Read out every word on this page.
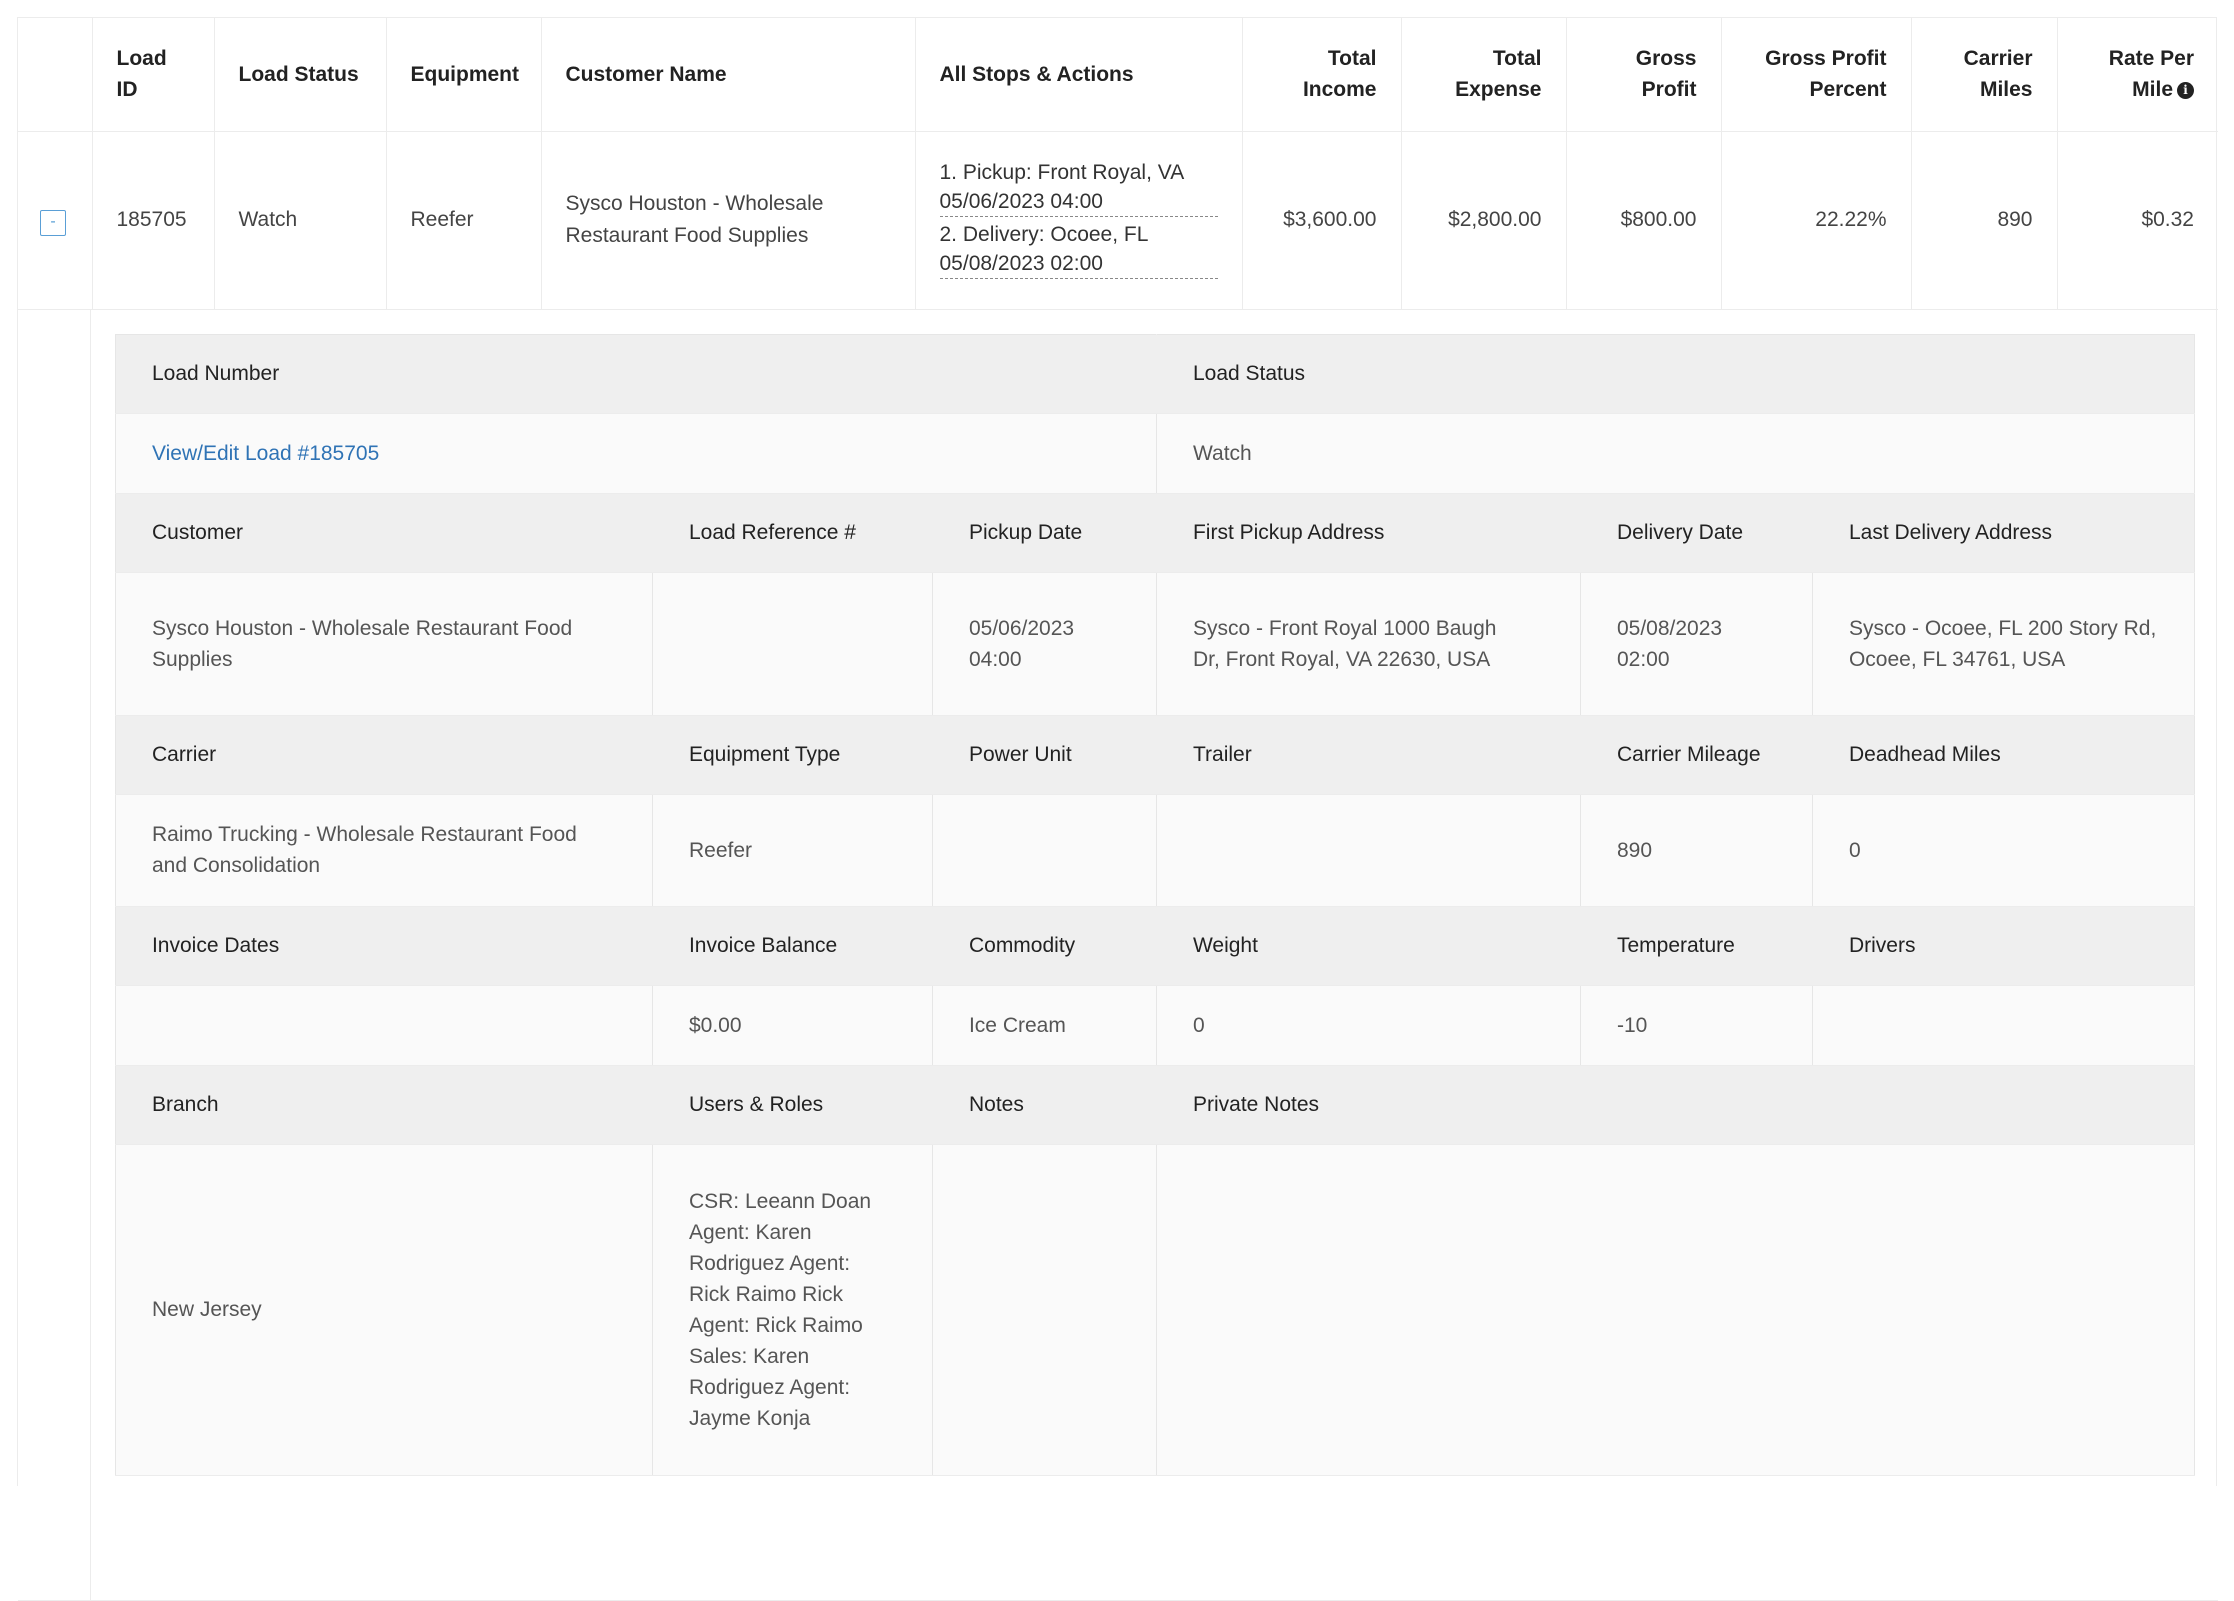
	Load ID	Load Status	Equipment	Customer Name	All Stops & Actions	Total Income	Total Expense	Gross Profit	Gross Profit Percent	Carrier Miles	Rate Per Mile i
-	185705	Watch	Reefer	Sysco Houston - Wholesale Restaurant Food Supplies	1. Pickup: Front Royal, VA 05/06/2023 04:00
2. Delivery: Ocoee, FL 05/08/2023 02:00	$3,600.00	$2,800.00	$800.00	22.22%	890	$0.32

Load Number	Load Status
View/Edit Load #185705	Watch
Customer	Load Reference #	Pickup Date	First Pickup Address	Delivery Date	Last Delivery Address
Sysco Houston - Wholesale Restaurant Food Supplies		05/06/2023 04:00	Sysco - Front Royal 1000 Baugh Dr, Front Royal, VA 22630, USA	05/08/2023 02:00	Sysco - Ocoee, FL 200 Story Rd, Ocoee, FL 34761, USA
Carrier	Equipment Type	Power Unit	Trailer	Carrier Mileage	Deadhead Miles
Raimo Trucking - Wholesale Restaurant Food and Consolidation	Reefer			890	0
Invoice Dates	Invoice Balance	Commodity	Weight	Temperature	Drivers
	$0.00	Ice Cream	0	-10	
Branch	Users & Roles	Notes	Private Notes
New Jersey	CSR: Leeann Doan Agent: Karen Rodriguez Agent: Rick Raimo Rick Agent: Rick Raimo Sales: Karen Rodriguez Agent: Jayme Konja		
